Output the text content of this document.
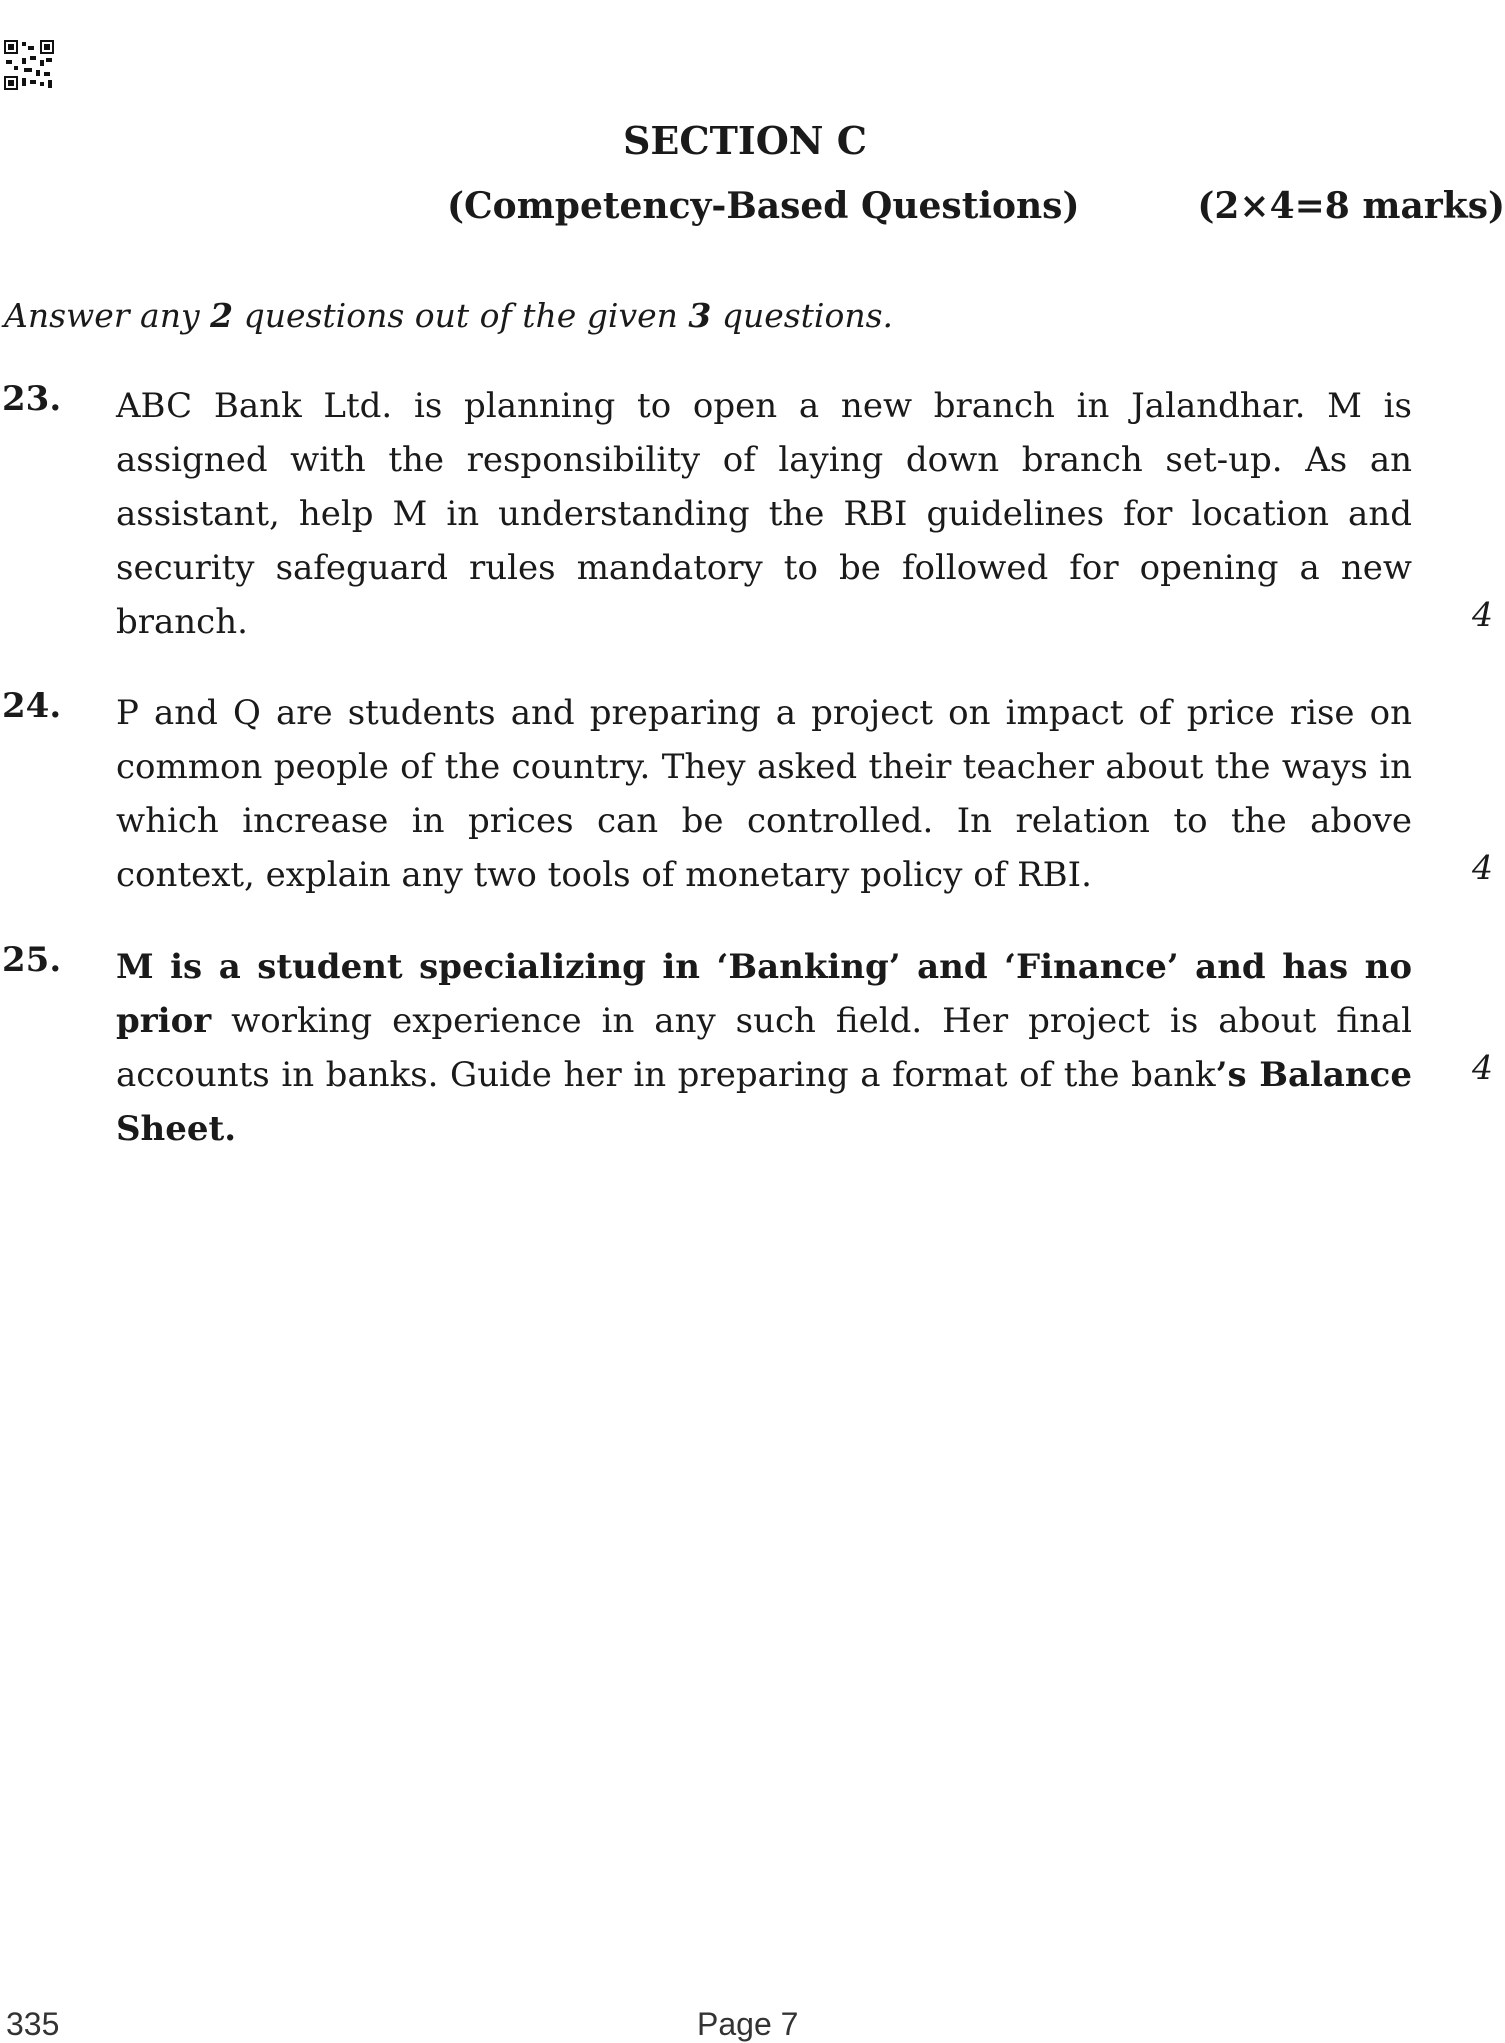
SECTION C
(Competency-Based Questions)	(2×4=8 marks)
Answer any 2 questions out of the given 3 questions.
23. ABC Bank Ltd. is planning to open a new branch in Jalandhar. M is assigned with the responsibility of laying down branch set-up. As an assistant, help M in understanding the RBI guidelines for location and security safeguard rules mandatory to be followed for opening a new branch.	4
24. P and Q are students and preparing a project on impact of price rise on common people of the country. They asked their teacher about the ways in which increase in prices can be controlled. In relation to the above context, explain any two tools of monetary policy of RBI.	4
25. M is a student specializing in ‘Banking’ and ‘Finance’ and has no prior working experience in any such field. Her project is about final accounts in banks. Guide her in preparing a format of the bank’s Balance Sheet.

4
335	Page 7
